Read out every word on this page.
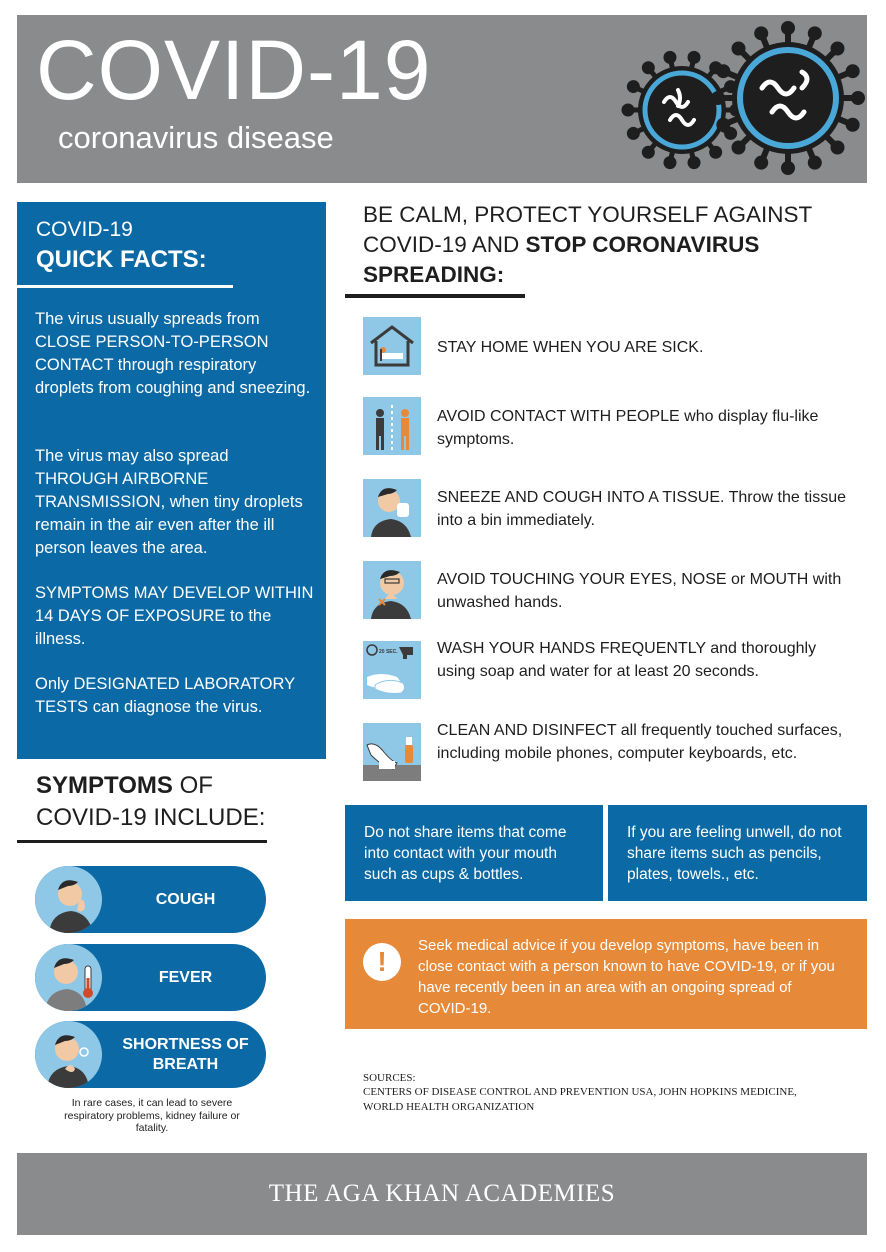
COVID-19
coronavirus disease
COVID-19
QUICK FACTS:
The virus usually spreads from CLOSE PERSON-TO-PERSON CONTACT through respiratory droplets from coughing and sneezing.
The virus may also spread THROUGH AIRBORNE TRANSMISSION, when tiny droplets remain in the air even after the ill person leaves the area.
SYMPTOMS MAY DEVELOP WITHIN 14 DAYS OF EXPOSURE to the illness.
Only DESIGNATED LABORATORY TESTS can diagnose the virus.
SYMPTOMS OF
COVID-19 INCLUDE:
COUGH
FEVER
SHORTNESS OF BREATH
In rare cases, it can lead to severe respiratory problems, kidney failure or fatality.
BE CALM, PROTECT YOURSELF AGAINST COVID-19 AND STOP CORONAVIRUS SPREADING:
STAY HOME WHEN YOU ARE SICK.
AVOID CONTACT WITH PEOPLE who display flu-like symptoms.
SNEEZE AND COUGH INTO A TISSUE. Throw the tissue into a bin immediately.
AVOID TOUCHING YOUR EYES, NOSE or MOUTH with unwashed hands.
20 SEC. WASH YOUR HANDS FREQUENTLY and thoroughly using soap and water for at least 20 seconds.
CLEAN AND DISINFECT all frequently touched surfaces, including mobile phones, computer keyboards, etc.
Do not share items that come into contact with your mouth such as cups & bottles.
If you are feeling unwell, do not share items such as pencils, plates, towels., etc.
!
Seek medical advice if you develop symptoms, have been in close contact with a person known to have COVID-19, or if you have recently been in an area with an ongoing spread of COVID-19.
SOURCES:
CENTERS OF DISEASE CONTROL AND PREVENTION USA, JOHN HOPKINS MEDICINE, WORLD HEALTH ORGANIZATION
THE AGA KHAN ACADEMIES
